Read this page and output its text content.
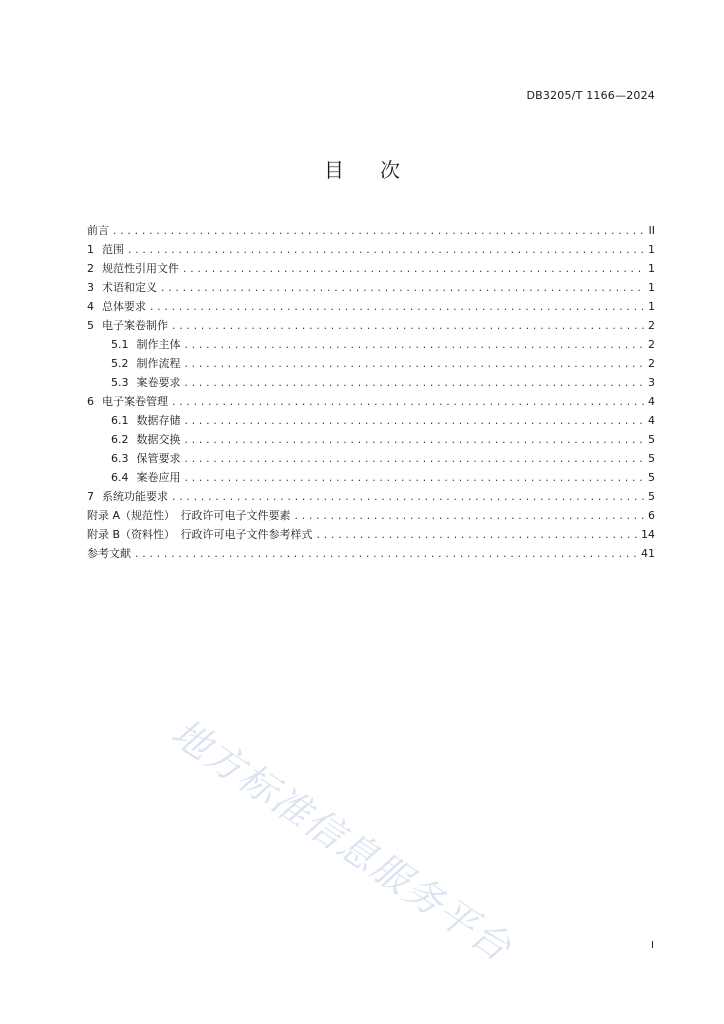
DB3205/T 1166—2024
目 次
前言 .....	II
1 范围 .....	1
2 规范性引用文件 .....	1
3 术语和定义 .....	1
4 总体要求 .....	1
5 电子案卷制作 .....	2
5.1 制作主体 .....	2
5.2 制作流程 .....	2
5.3 案卷要求 .....	3
6 电子案卷管理 .....	4
6.1 数据存储 .....	4
6.2 数据交换 .....	5
6.3 保管要求 .....	5
6.4 案卷应用 .....	5
7 系统功能要求 .....	5
附录 A（规范性）　行政许可电子文件要素 .....	6
附录 B（资料性）　行政许可电子文件参考样式 .....	14
参考文献 .....	41
地方标准信息服务平台	I
